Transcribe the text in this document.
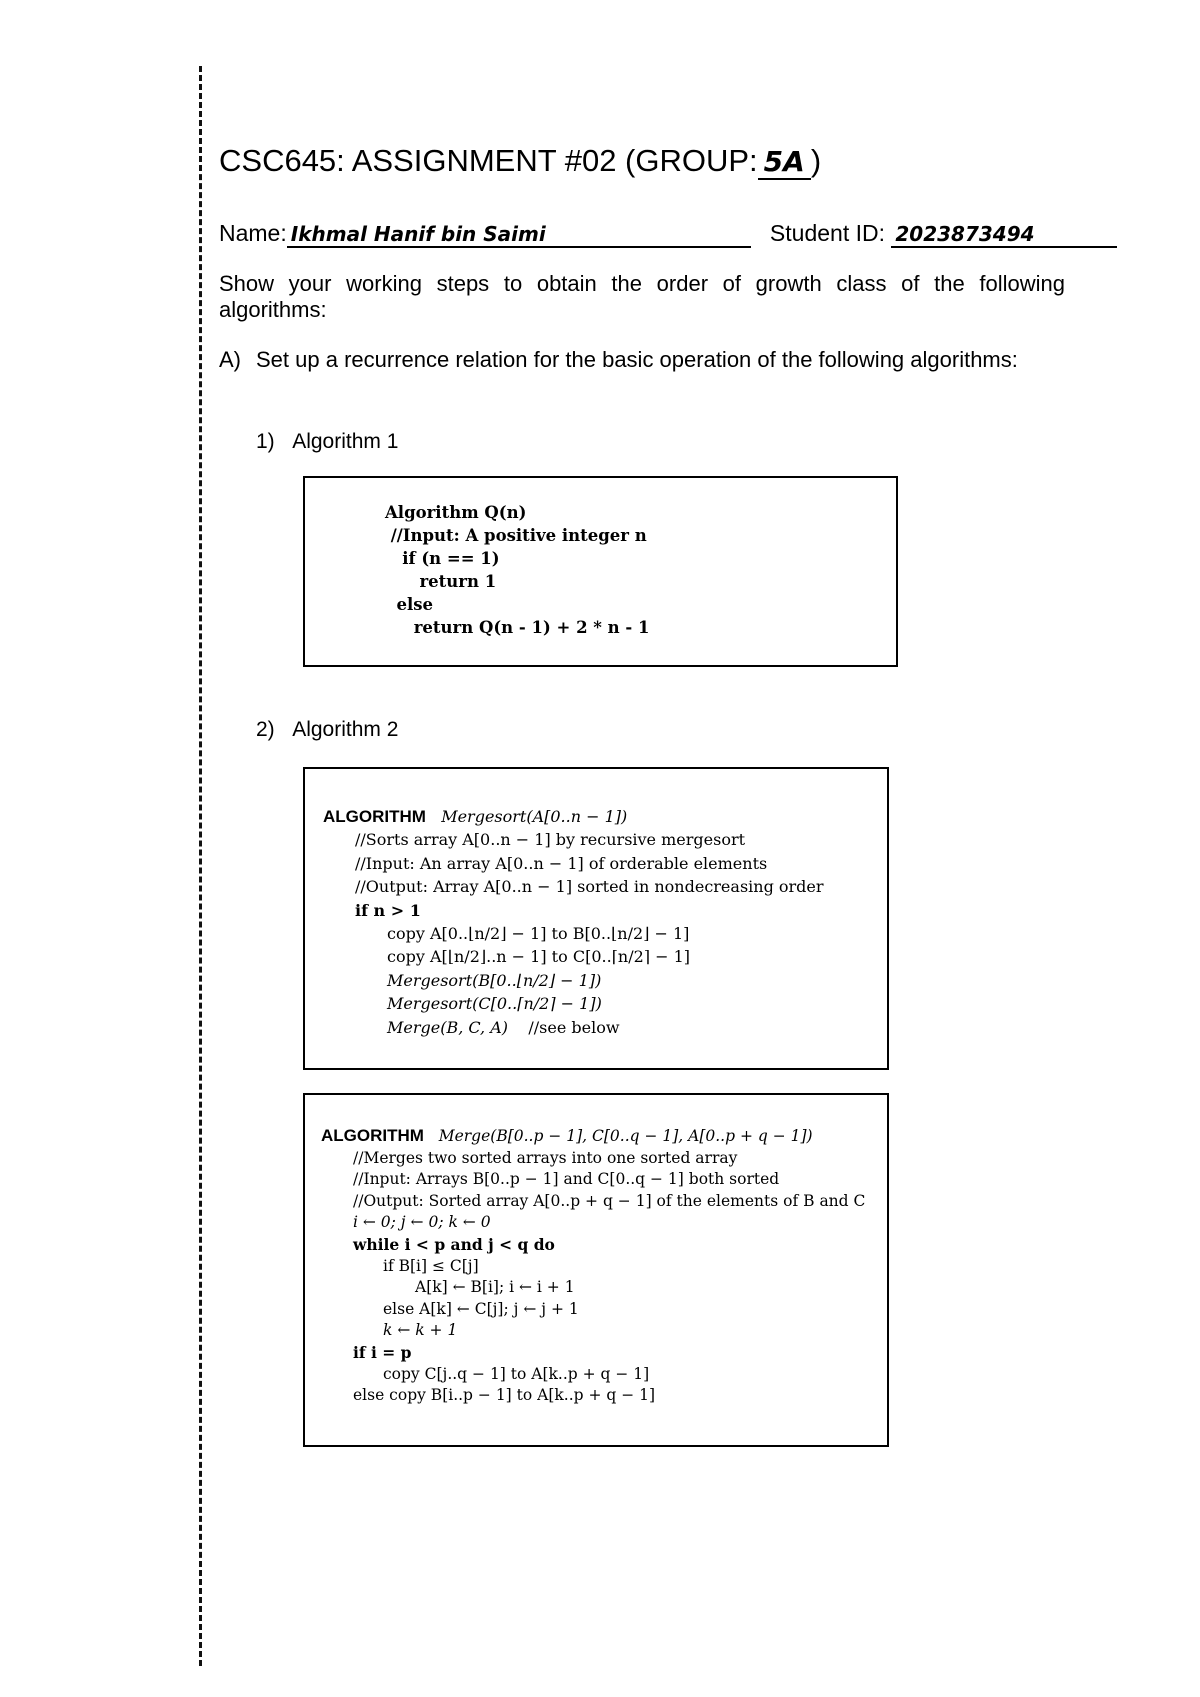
CSC645: ASSIGNMENT #02 (GROUP: 5A )
Name: Ikhmal Hanif bin Saimi	Student ID: 2023873494
Show your working steps to obtain the order of growth class of the following algorithms:
A) Set up a recurrence relation for the basic operation of the following algorithms:
1) Algorithm 1
Algorithm Q(n)
//Input: A positive integer n
if (n == 1)
return 1
else
return Q(n - 1) + 2 * n - 1
2) Algorithm 2
ALGORITHM Mergesort(A[0..n − 1])
//Sorts array A[0..n − 1] by recursive mergesort
//Input: An array A[0..n − 1] of orderable elements
//Output: Array A[0..n − 1] sorted in nondecreasing order
if n > 1
copy A[0..⌊n/2⌋ − 1] to B[0..⌊n/2⌋ − 1]
copy A[⌊n/2⌋..n − 1] to C[0..⌈n/2⌉ − 1]
Mergesort(B[0..⌊n/2⌋ − 1])
Mergesort(C[0..⌈n/2⌉ − 1])
Merge(B, C, A) //see below
ALGORITHM Merge(B[0..p − 1], C[0..q − 1], A[0..p + q − 1])
//Merges two sorted arrays into one sorted array
//Input: Arrays B[0..p − 1] and C[0..q − 1] both sorted
//Output: Sorted array A[0..p + q − 1] of the elements of B and C
i ← 0; j ← 0; k ← 0
while i < p and j < q do
if B[i] ≤ C[j]
A[k] ← B[i]; i ← i + 1
else A[k] ← C[j]; j ← j + 1
k ← k + 1
if i = p
copy C[j..q − 1] to A[k..p + q − 1]
else copy B[i..p − 1] to A[k..p + q − 1]
